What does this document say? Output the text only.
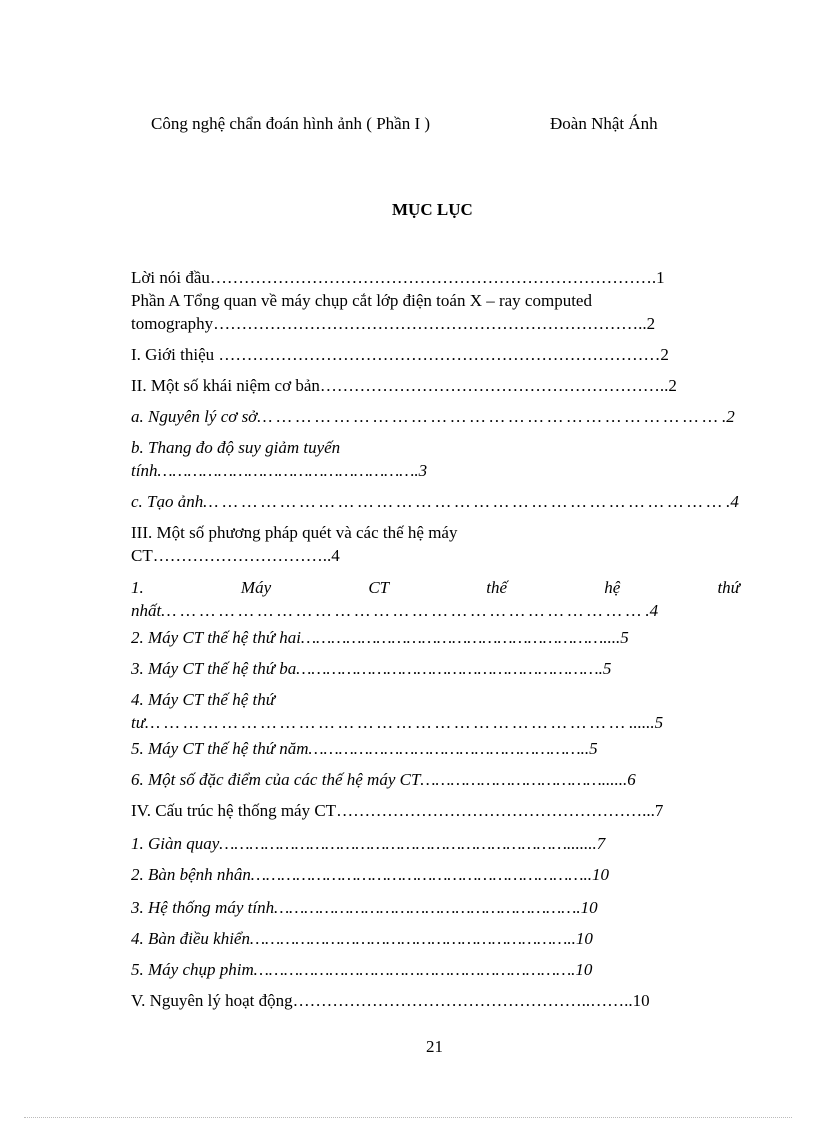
Công nghệ chẩn đoán hình ảnh ( Phần I )	Đoàn Nhật Ánh
MỤC LỤC
Lời nói đầu…………………………………………………………………….1
Phần A Tổng quan về máy chụp cắt lớp điện toán X – ray computed
tomography…………………………………………………………………..2
I. Giới thiệu ……………………………………………………………………2
II. Một số khái niệm cơ bản……………………………………………………..2
a. Nguyên lý cơ sở… … … … … … … … … … … … … … … … … … … … … … … … .2
b. Thang đo độ suy giảm tuyến
tính…………………………………………….3
c. Tạo ảnh… … … … … … … … … … … … … … … … … … … … … … … … … … … .4
III. Một số phương pháp quét và các thế hệ máy
CT…………………………..4
1.	Máy	CT	thế	hệ	thứ
nhất… … … … … … … … … … … … … … … … … … … … … … … … … .4
2. Máy CT thế hệ thứ hai……………………………………………………....5
3. Máy CT thế hệ thứ ba…………………………………………………….5
4. Máy CT thế hệ thứ
tư… … … … … … … … … … … … … … … … … … … … … … … … … ......5
5. Máy CT thế hệ thứ năm………………………………………………..5
6. Một số đặc điểm của các thế hệ máy CT………………………………......6
IV. Cấu trúc hệ thống máy CT………………………………………………...7
1. Giàn quay…………………………………………………………….......7
2. Bàn bệnh nhân…………………………………………………………..10
3. Hệ thống máy tính…………………………………………………….10
4. Bàn điều khiển………………………………………………………..10
5. Máy chụp phim……………………………………………………….10
V. Nguyên lý hoạt động……………………………………………..……..10
21
